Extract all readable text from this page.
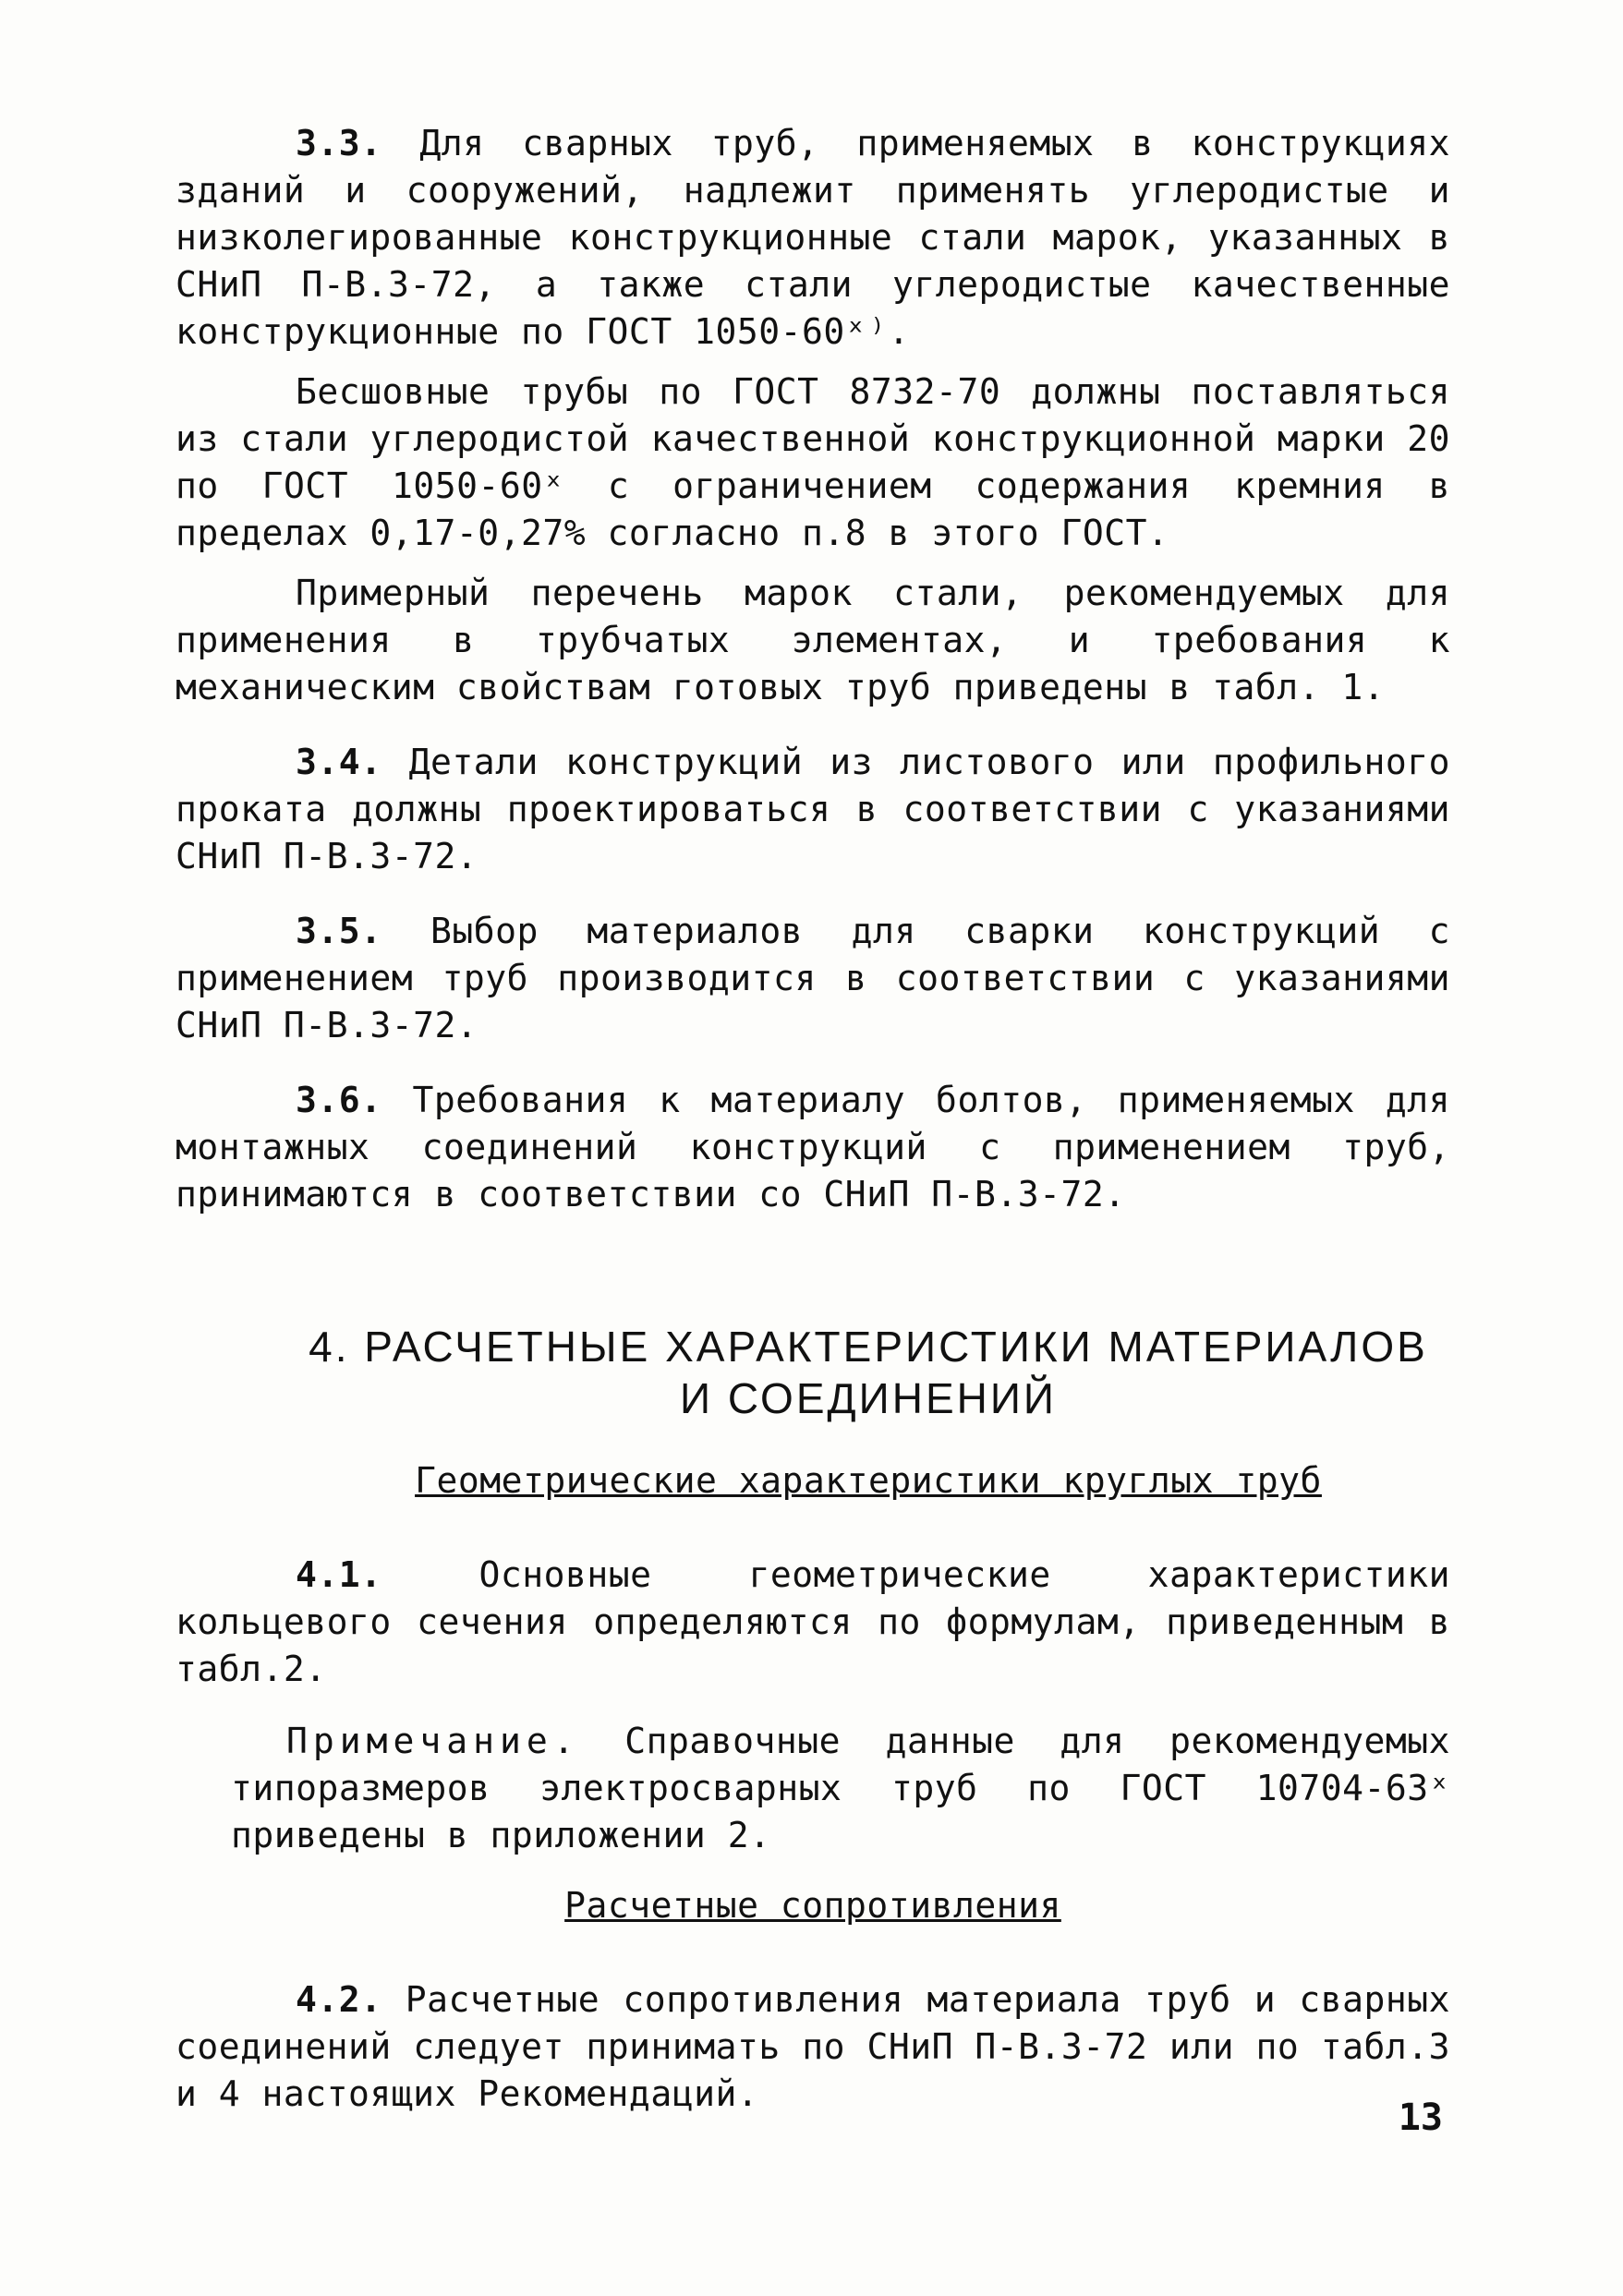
3.3. Для сварных труб, применяемых в конструкциях зданий и сооружений, надлежит применять углеродистые и низколегированные конструкционные стали марок, указанных в СНиП П-В.3-72, а также стали углеродистые качественные конструкционные по ГОСТ 1050-60ˣ⁾.

Бесшовные трубы по ГОСТ 8732-70 должны поставляться из стали углеродистой качественной конструкционной марки 20 по ГОСТ 1050-60ˣ с ограничением содержания кремния в пределах 0,17-0,27% согласно п.8 в этого ГОСТ.

Примерный перечень марок стали, рекомендуемых для применения в трубчатых элементах, и требования к механическим свойствам готовых труб приведены в табл. 1.

3.4. Детали конструкций из листового или профильного проката должны проектироваться в соответствии с указаниями СНиП П-В.3-72.

3.5. Выбор материалов для сварки конструкций с применением труб производится в соответствии с указаниями СНиП П-В.3-72.

3.6. Требования к материалу болтов, применяемых для монтажных соединений конструкций с применением труб, принимаются в соответствии со СНиП П-В.3-72.

4. РАСЧЕТНЫЕ ХАРАКТЕРИСТИКИ МАТЕРИАЛОВ
И СОЕДИНЕНИЙ
Геометрические характеристики круглых труб

4.1.	Основные геометрические характеристики кольцевого сечения определяются по формулам, приведенным в табл.2.

Примечание. Справочные данные для рекомендуемых типоразмеров электросварных труб по ГОСТ 10704-63ˣ приведены в приложении 2.

Расчетные сопротивления

4.2. Расчетные сопротивления материала труб и сварных соединений следует принимать по СНиП П-В.3-72 или по табл.3 и 4 настоящих Рекомендаций.

13
